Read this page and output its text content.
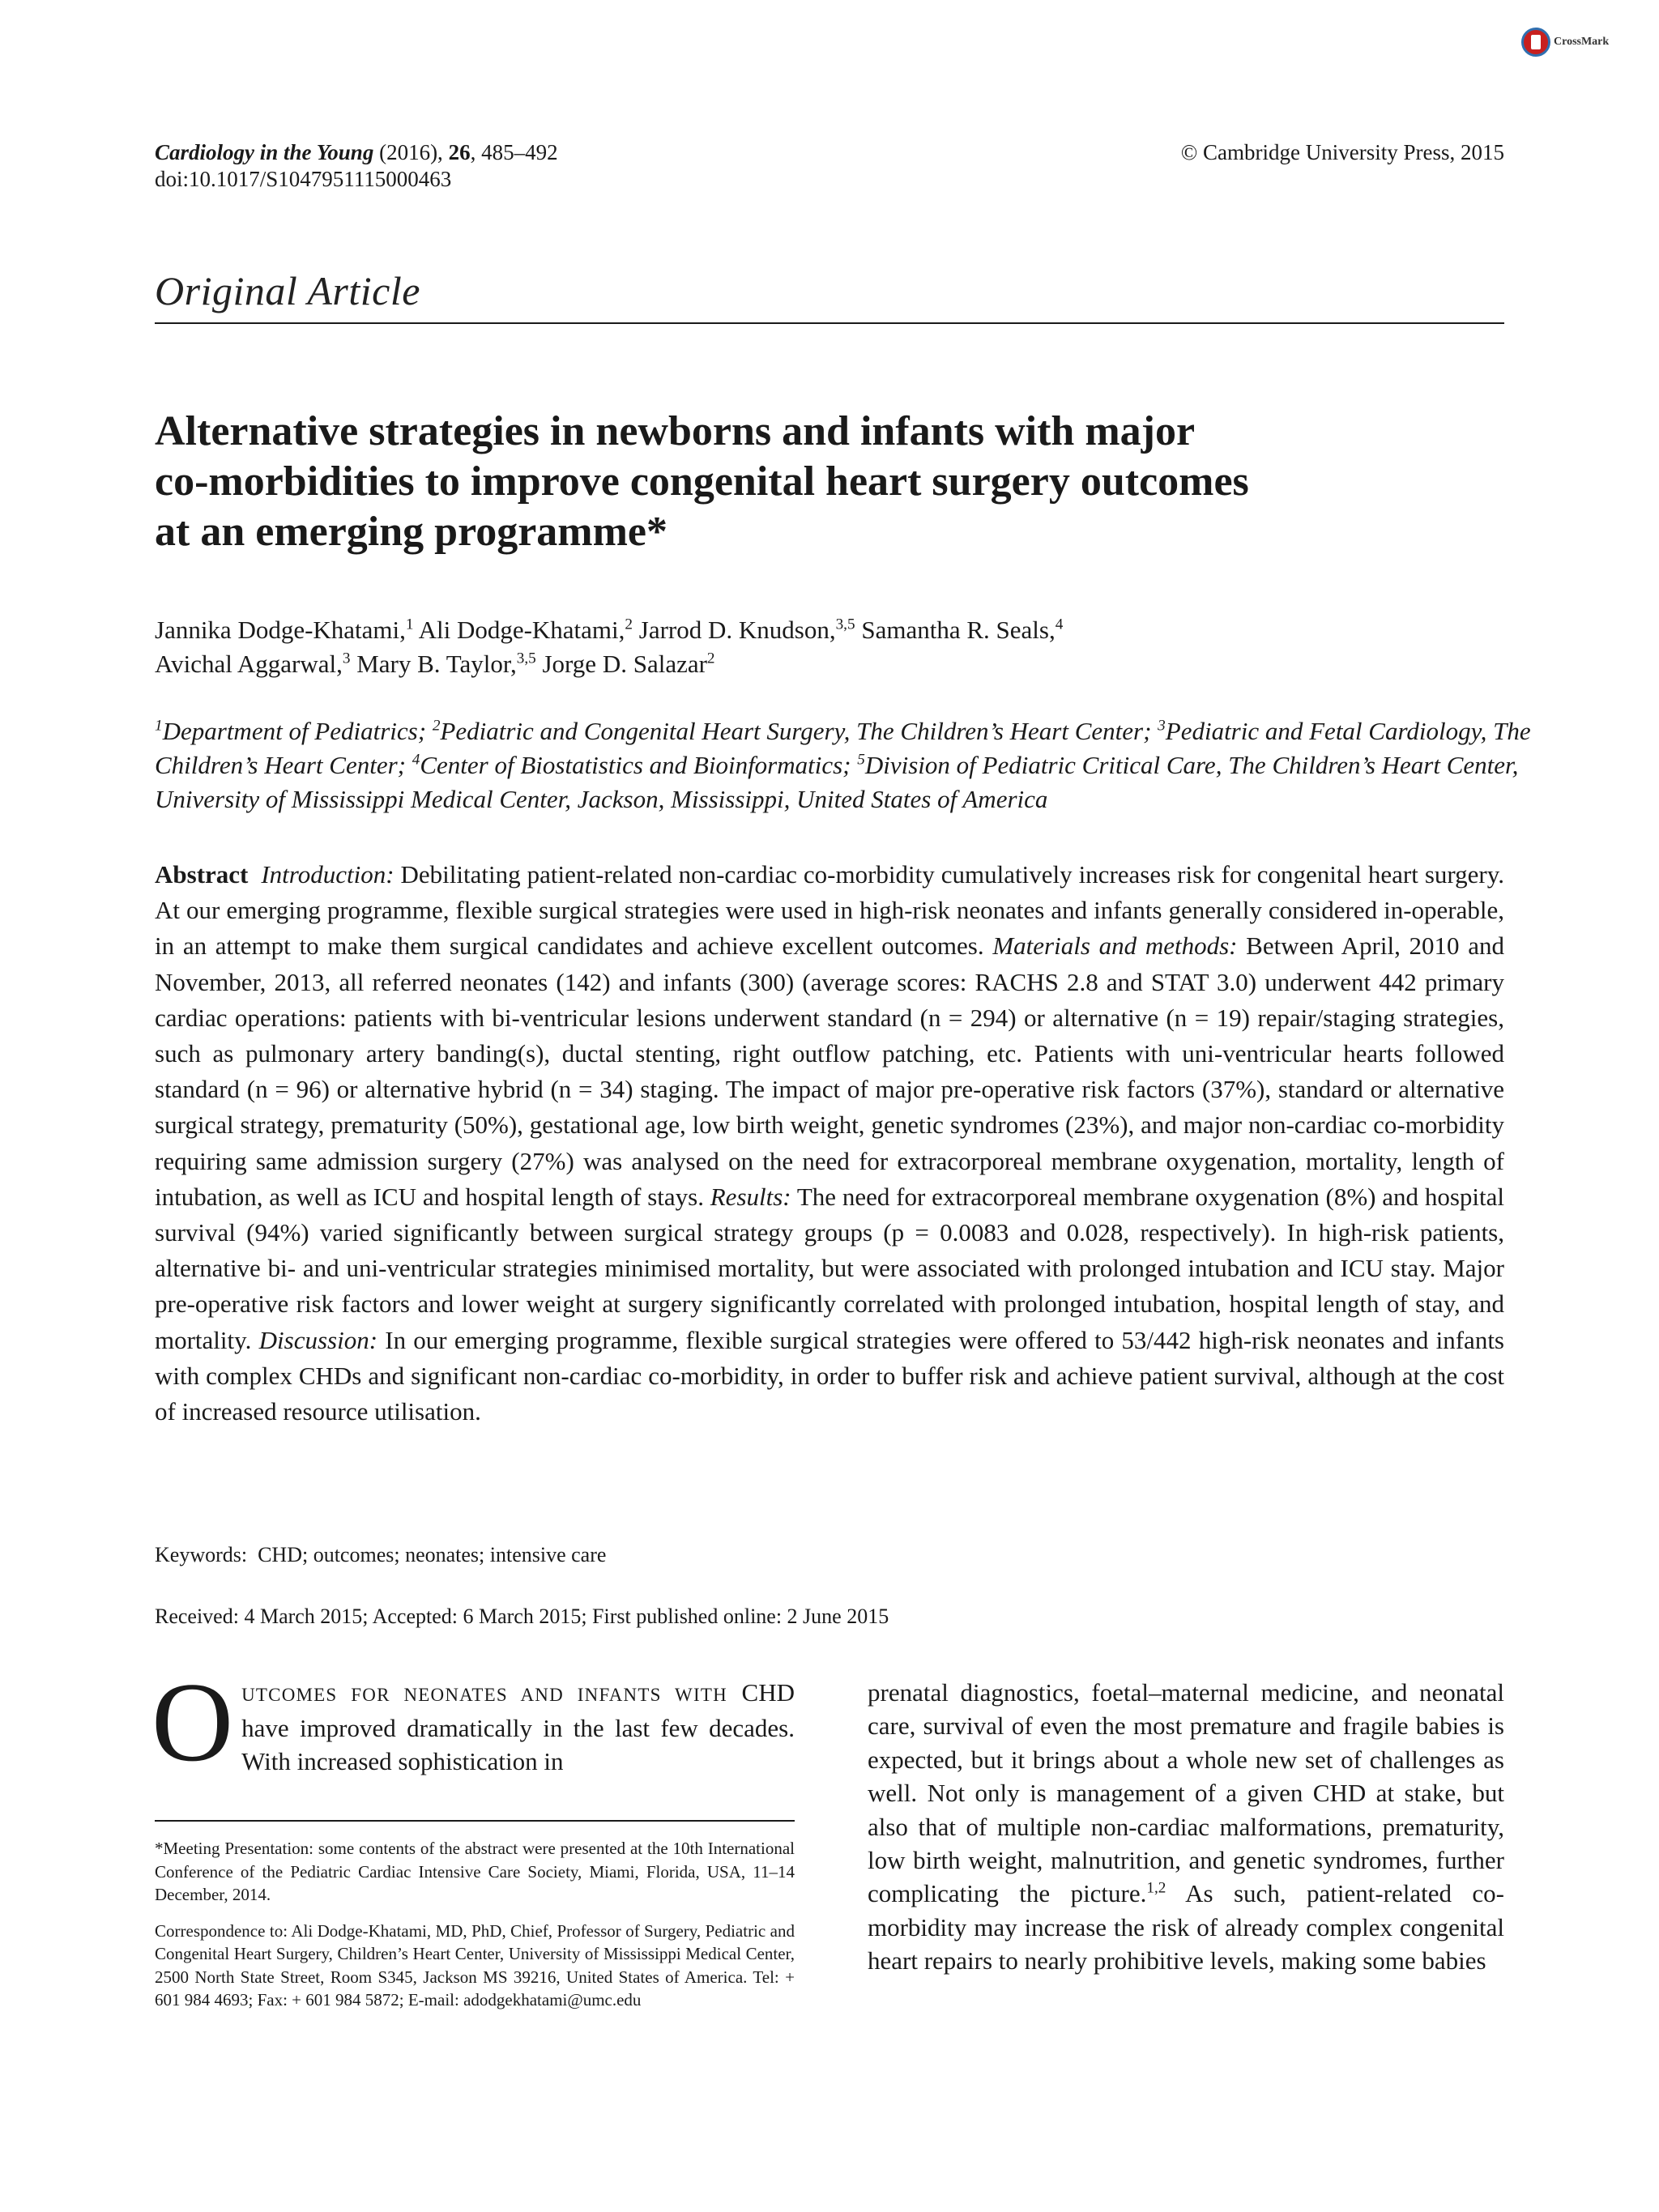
CrossMark
Cardiology in the Young (2016), 26, 485–492
doi:10.1017/S1047951115000463
© Cambridge University Press, 2015
Original Article
Alternative strategies in newborns and infants with major
co-morbidities to improve congenital heart surgery outcomes
at an emerging programme*
Jannika Dodge-Khatami,$^1$ Ali Dodge-Khatami,$^2$ Jarrod D. Knudson,$^{3,5}$ Samantha R. Seals,$^4$
Avichal Aggarwal,$^3$ Mary B. Taylor,$^{3,5}$ Jorge D. Salazar$^2$
$^1$Department of Pediatrics; $^2$Pediatric and Congenital Heart Surgery, The Children’s Heart Center; $^3$Pediatric and Fetal Cardiology, The Children’s Heart Center; $^4$Center of Biostatistics and Bioinformatics; $^5$Division of Pediatric Critical Care, The Children’s Heart Center, University of Mississippi Medical Center, Jackson, Mississippi, United States of America
Abstract Introduction: Debilitating patient-related non-cardiac co-morbidity cumulatively increases risk for congenital heart surgery. At our emerging programme, flexible surgical strategies were used in high-risk neonates and infants generally considered in-operable, in an attempt to make them surgical candidates and achieve excellent outcomes. Materials and methods: Between April, 2010 and November, 2013, all referred neonates (142) and infants (300) (average scores: RACHS 2.8 and STAT 3.0) underwent 442 primary cardiac operations: patients with bi-ventricular lesions underwent standard (n = 294) or alternative (n = 19) repair/staging strategies, such as pulmonary artery banding(s), ductal stenting, right outflow patching, etc. Patients with uni-ventricular hearts followed standard (n = 96) or alternative hybrid (n = 34) staging. The impact of major pre-operative risk factors (37%), standard or alternative surgical strategy, prematurity (50%), gestational age, low birth weight, genetic syndromes (23%), and major non-cardiac co-morbidity requiring same admission surgery (27%) was analysed on the need for extracorporeal membrane oxygenation, mortality, length of intubation, as well as ICU and hospital length of stays. Results: The need for extracorporeal membrane oxygenation (8%) and hospital survival (94%) varied significantly between surgical strategy groups (p = 0.0083 and 0.028, respectively). In high-risk patients, alternative bi- and uni-ventricular strategies minimised mortality, but were associated with prolonged intubation and ICU stay. Major pre-operative risk factors and lower weight at surgery significantly correlated with prolonged intubation, hospital length of stay, and mortality. Discussion: In our emerging programme, flexible surgical strategies were offered to 53/442 high-risk neonates and infants with complex CHDs and significant non-cardiac co-morbidity, in order to buffer risk and achieve patient survival, although at the cost of increased resource utilisation.
Keywords:  CHD; outcomes; neonates; intensive care
Received: 4 March 2015; Accepted: 6 March 2015; First published online: 2 June 2015

OUTCOMES FOR NEONATES AND INFANTS WITH CHD have improved dramatically in the last few decades. With increased sophistication in

*Meeting Presentation: some contents of the abstract were presented at the 10th International Conference of the Pediatric Cardiac Intensive Care Society, Miami, Florida, USA, 11–14 December, 2014.

Correspondence to: Ali Dodge-Khatami, MD, PhD, Chief, Professor of Surgery, Pediatric and Congenital Heart Surgery, Children’s Heart Center, University of Mississippi Medical Center, 2500 North State Street, Room S345, Jackson MS 39216, United States of America. Tel: + 601 984 4693; Fax: + 601 984 5872; E-mail: adodgekhatami@umc.edu

prenatal diagnostics, foetal–maternal medicine, and neonatal care, survival of even the most premature and fragile babies is expected, but it brings about a whole new set of challenges as well. Not only is management of a given CHD at stake, but also that of multiple non-cardiac malformations, prematurity, low birth weight, malnutrition, and genetic syndromes, further complicating the picture.$^{1,2}$ As such, patient-related co-morbidity may increase the risk of already complex congenital heart repairs to nearly prohibitive levels, making some babies
